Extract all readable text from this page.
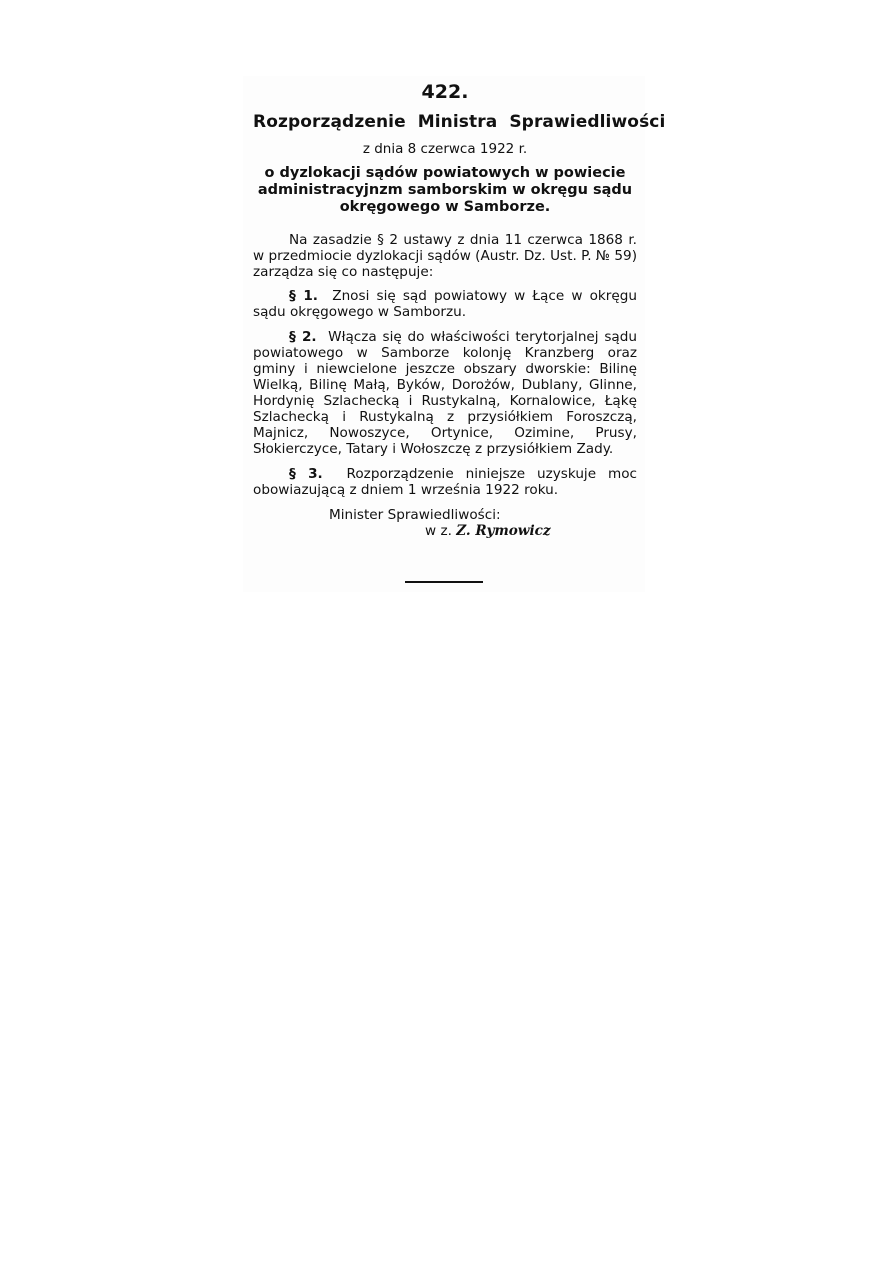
422.

Rozporządzenie Ministra Sprawiedliwości

z dnia 8 czerwca 1922 r.

o dyzlokacji sądów powiatowych w powiecie administracyjnzm samborskim w okręgu sądu okręgowego w Samborze.

Na zasadzie § 2 ustawy z dnia 11 czerwca 1868 r. w przedmiocie dyzlokacji sądów (Austr. Dz. Ust. P. № 59) zarządza się co następuje:

§ 1. Znosi się sąd powiatowy w Łące w okręgu sądu okręgowego w Samborzu.

§ 2. Włącza się do właściwości terytorjalnej sądu powiatowego w Samborze kolonję Kranzberg oraz gminy i niewcielone jeszcze obszary dworskie: Bilinę Wielką, Bilinę Małą, Byków, Dorożów, Dublany, Glinne, Hordynię Szlachecką i Rustykalną, Kornalowice, Łąkę Szlachecką i Rustykalną z przysiółkiem Foroszczą, Majnicz, Nowoszyce, Ortynice, Ozimine, Prusy, Słokierczyce, Tatary i Wołoszczę z przysiółkiem Zady.

§ 3. Rozporządzenie niniejsze uzyskuje moc obowiazującą z dniem 1 września 1922 roku.

Minister Sprawiedliwości:

w z. Z. Rymowicz
